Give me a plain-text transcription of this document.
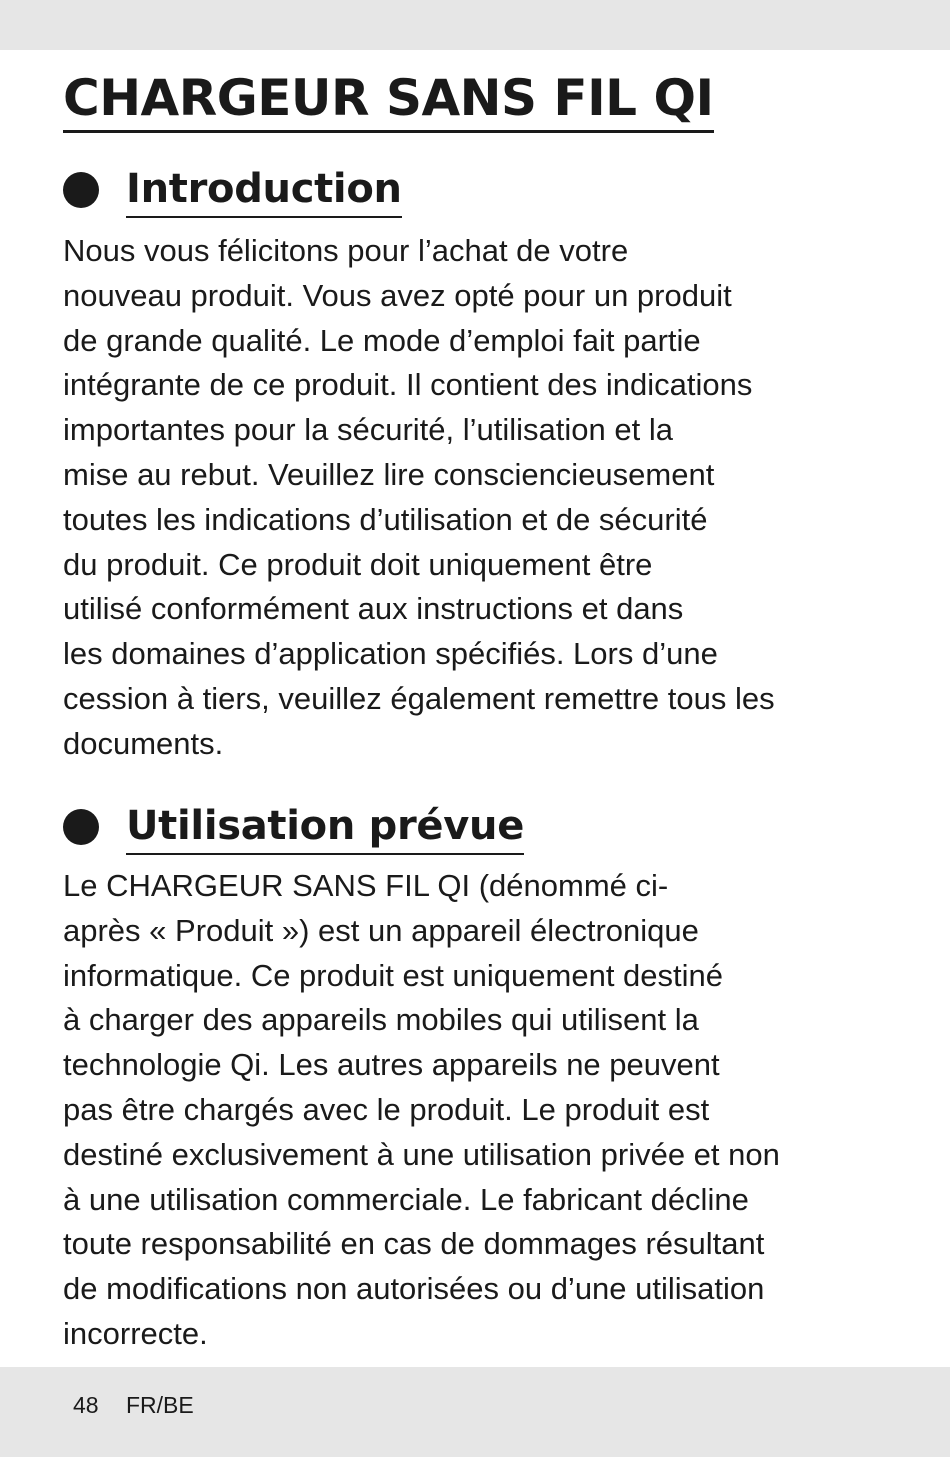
CHARGEUR SANS FIL QI
Introduction
Nous vous félicitons pour l’achat de votre
nouveau produit. Vous avez opté pour un produit
de grande qualité. Le mode d’emploi fait partie
intégrante de ce produit. Il contient des indications
importantes pour la sécurité, l’utilisation et la
mise au rebut. Veuillez lire consciencieusement
toutes les indications d’utilisation et de sécurité
du produit. Ce produit doit uniquement être
utilisé conformément aux instructions et dans
les domaines d’application spécifiés. Lors d’une
cession à tiers, veuillez également remettre tous les
documents.
Utilisation prévue
Le CHARGEUR SANS FIL QI (dénommé ci-
après « Produit ») est un appareil électronique
informatique. Ce produit est uniquement destiné
à charger des appareils mobiles qui utilisent la
technologie Qi. Les autres appareils ne peuvent
pas être chargés avec le produit. Le produit est
destiné exclusivement à une utilisation privée et non
à une utilisation commerciale. Le fabricant décline
toute responsabilité en cas de dommages résultant
de modifications non autorisées ou d’une utilisation
incorrecte.
48 FR/BE
